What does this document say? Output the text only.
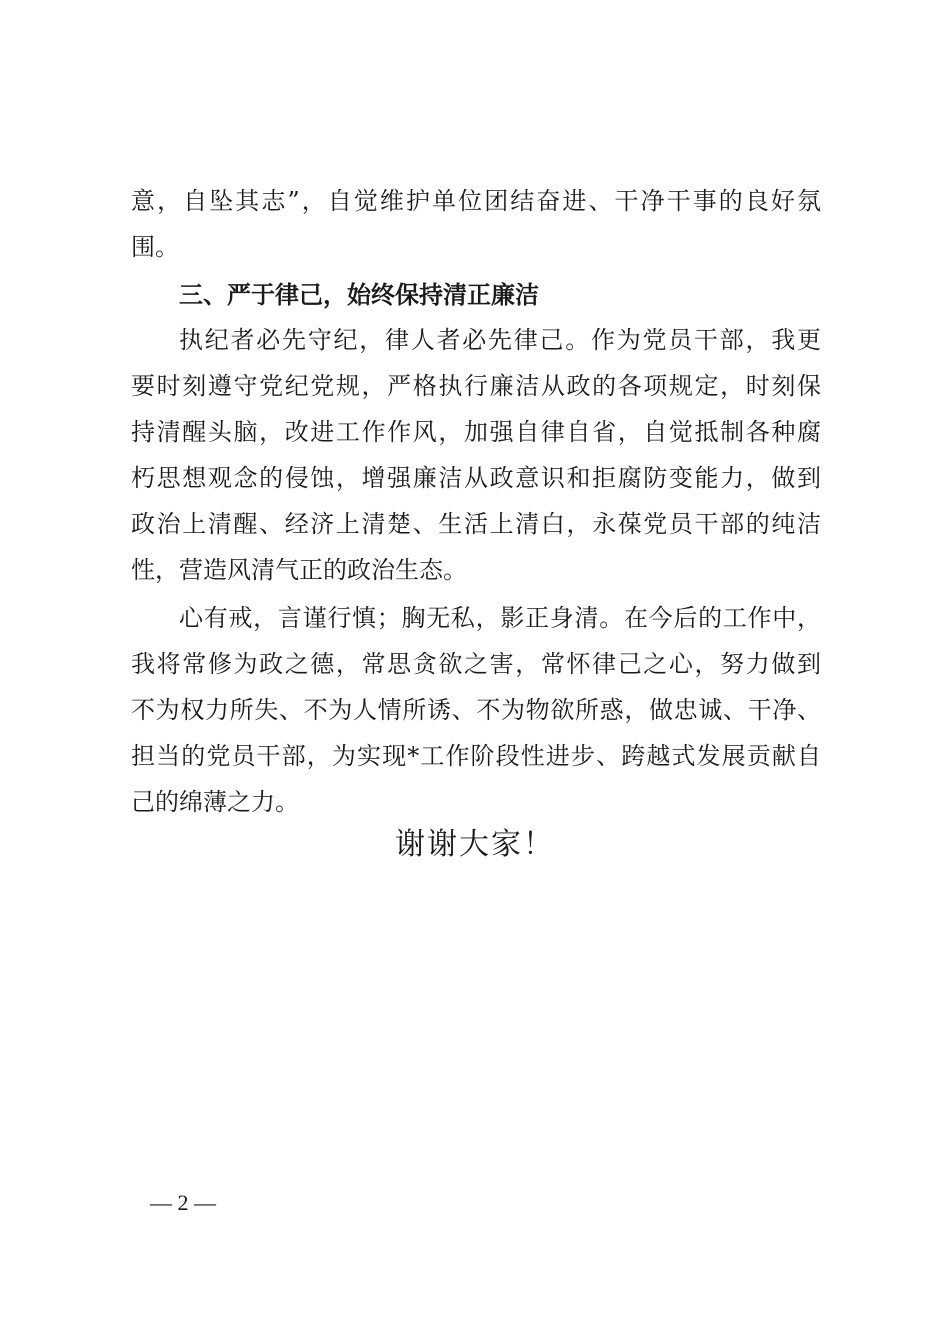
意，自坠其志”，自觉维护单位团结奋进、干净干事的良好氛
围。
三、严于律己，始终保持清正廉洁
执纪者必先守纪，律人者必先律己。作为党员干部，我更
要时刻遵守党纪党规，严格执行廉洁从政的各项规定，时刻保
持清醒头脑，改进工作作风，加强自律自省，自觉抵制各种腐
朽思想观念的侵蚀，增强廉洁从政意识和拒腐防变能力，做到
政治上清醒、经济上清楚、生活上清白，永葆党员干部的纯洁
性，营造风清气正的政治生态。
心有戒，言谨行慎；胸无私，影正身清。在今后的工作中，
我将常修为政之德，常思贪欲之害，常怀律己之心，努力做到
不为权力所失、不为人情所诱、不为物欲所惑，做忠诚、干净、
担当的党员干部，为实现*工作阶段性进步、跨越式发展贡献自
己的绵薄之力。
谢谢大家！
— 2 —
